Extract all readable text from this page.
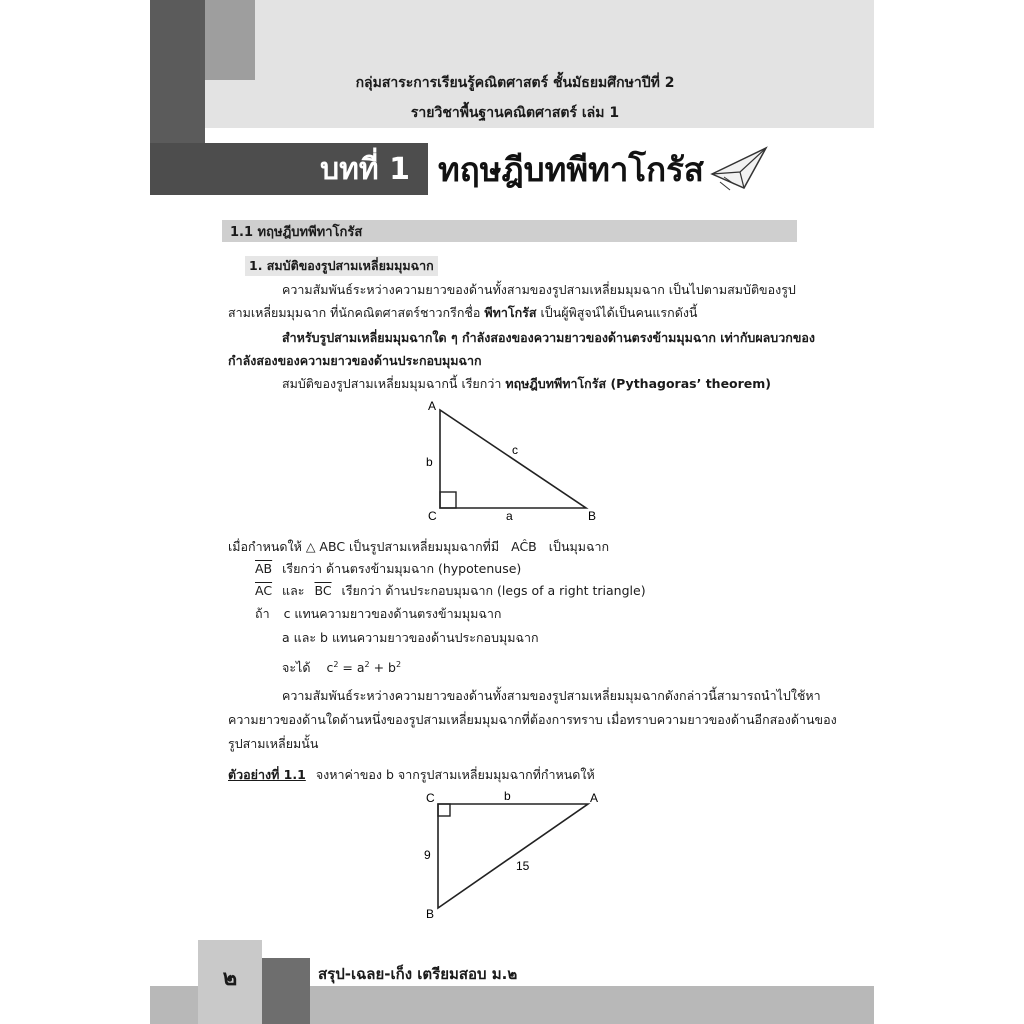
กลุ่มสาระการเรียนรู้คณิตศาสตร์ ชั้นมัธยมศึกษาปีที่ 2
รายวิชาพื้นฐานคณิตศาสตร์ เล่ม 1
บทที่ 1 ทฤษฎีบทพีทาโกรัส
1.1 ทฤษฎีบทพีทาโกรัส
1. สมบัติของรูปสามเหลี่ยมมุมฉาก
ความสัมพันธ์ระหว่างความยาวของด้านทั้งสามของรูปสามเหลี่ยมมุมฉาก เป็นไปตามสมบัติของรูป
สามเหลี่ยมมุมฉาก ที่นักคณิตศาสตร์ชาวกรีกชื่อ พีทาโกรัส เป็นผู้พิสูจน์ได้เป็นคนแรกดังนี้
สำหรับรูปสามเหลี่ยมมุมฉากใด ๆ กำลังสองของความยาวของด้านตรงข้ามมุมฉาก เท่ากับผลบวกของ
กำลังสองของความยาวของด้านประกอบมุมฉาก
สมบัติของรูปสามเหลี่ยมมุมฉากนี้ เรียกว่า ทฤษฎีบทพีทาโกรัส (Pythagoras’ theorem)
A
C	B
b
a
c
เมื่อกำหนดให้ △ ABC เป็นรูปสามเหลี่ยมมุมฉากที่มี AĈB เป็นมุมฉาก
$\overline{AB}$ เรียกว่า ด้านตรงข้ามมุมฉาก (hypotenuse)
$\overline{AC}$ และ $\overline{BC}$ เรียกว่า ด้านประกอบมุมฉาก (legs of a right triangle)
ถ้า c แทนความยาวของด้านตรงข้ามมุมฉาก
a และ b แทนความยาวของด้านประกอบมุมฉาก
จะได้ $c^2 = a^2 + b^2$
ความสัมพันธ์ระหว่างความยาวของด้านทั้งสามของรูปสามเหลี่ยมมุมฉากดังกล่าวนี้สามารถนำไปใช้หา
ความยาวของด้านใดด้านหนึ่งของรูปสามเหลี่ยมมุมฉากที่ต้องการทราบ เมื่อทราบความยาวของด้านอีกสองด้านของ
รูปสามเหลี่ยมนั้น
ตัวอย่างที่ 1.1 จงหาค่าของ b จากรูปสามเหลี่ยมมุมฉากที่กำหนดให้
C	A
B
b
9
15
๒	สรุป-เฉลย-เก็ง เตรียมสอบ ม.๒
